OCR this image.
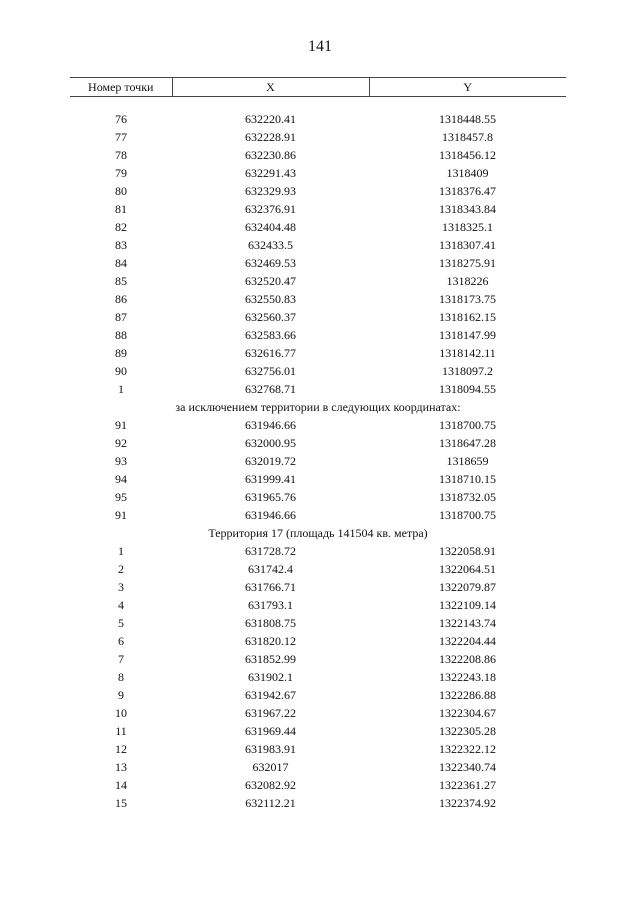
141
Номер точки	X	Y

76	632220.41	1318448.55
77	632228.91	1318457.8
78	632230.86	1318456.12
79	632291.43	1318409
80	632329.93	1318376.47
81	632376.91	1318343.84
82	632404.48	1318325.1
83	632433.5	1318307.41
84	632469.53	1318275.91
85	632520.47	1318226
86	632550.83	1318173.75
87	632560.37	1318162.15
88	632583.66	1318147.99
89	632616.77	1318142.11
90	632756.01	1318097.2
1	632768.71	1318094.55
за исключением территории в следующих координатах:		
91	631946.66	1318700.75
92	632000.95	1318647.28
93	632019.72	1318659
94	631999.41	1318710.15
95	631965.76	1318732.05
91	631946.66	1318700.75
Территория 17 (площадь 141504 кв. метра)		
1	631728.72	1322058.91
2	631742.4	1322064.51
3	631766.71	1322079.87
4	631793.1	1322109.14
5	631808.75	1322143.74
6	631820.12	1322204.44
7	631852.99	1322208.86
8	631902.1	1322243.18
9	631942.67	1322286.88
10	631967.22	1322304.67
11	631969.44	1322305.28
12	631983.91	1322322.12
13	632017	1322340.74
14	632082.92	1322361.27
15	632112.21	1322374.92
